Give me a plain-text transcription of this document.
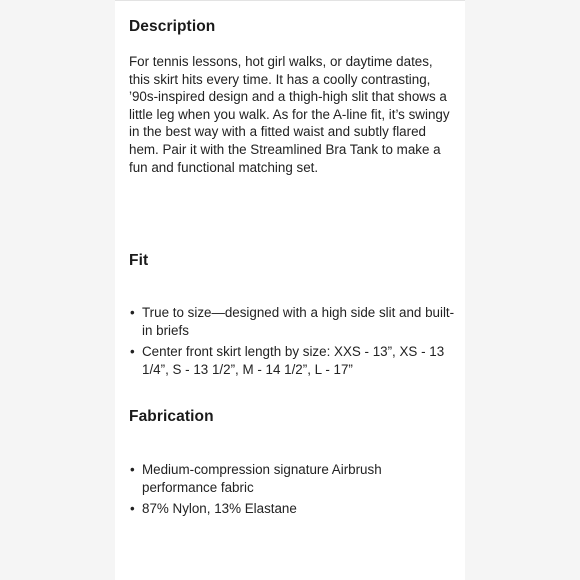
Description

For tennis lessons, hot girl walks, or daytime dates, this skirt hits every time. It has a coolly contrasting, ’90s-inspired design and a thigh-high slit that shows a little leg when you walk. As for the A-line fit, it’s swingy in the best way with a fitted waist and subtly flared hem. Pair it with the Streamlined Bra Tank to make a fun and functional matching set.

Fit
• True to size—designed with a high side slit and built-in briefs
• Center front skirt length by size: XXS - 13”, XS - 13 1/4”, S - 13 1/2”, M - 14 1/2”, L - 17”
Fabrication
• Medium-compression signature Airbrush performance fabric
• 87% Nylon, 13% Elastane
